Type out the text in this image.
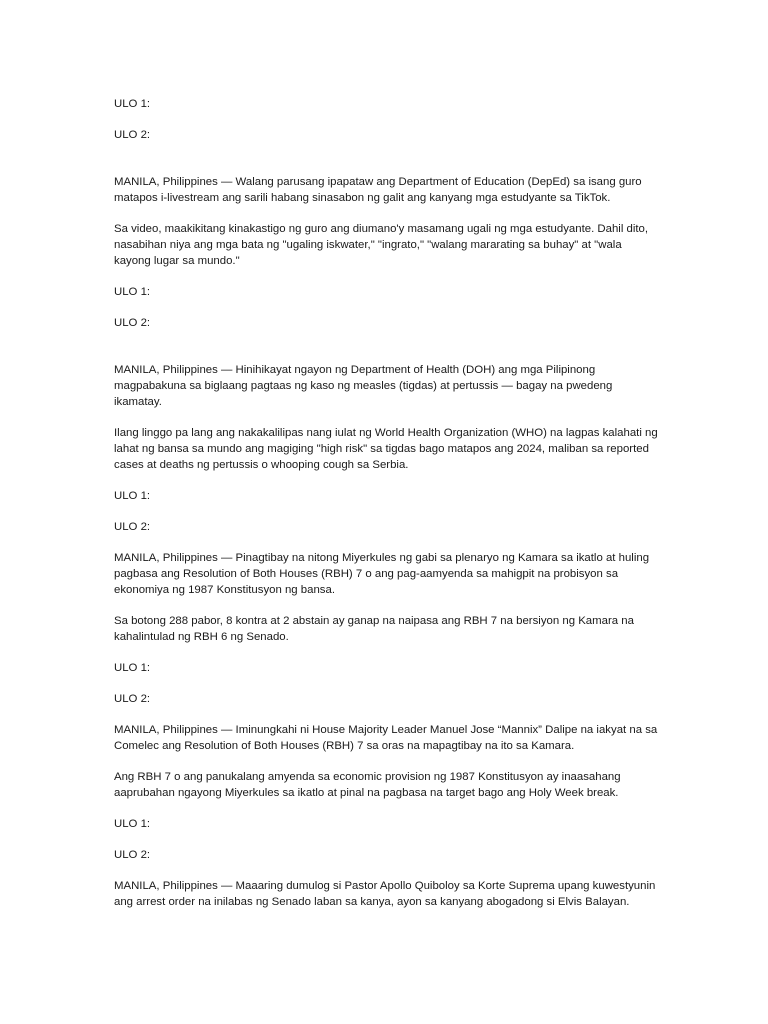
ULO 1:

ULO 2:

MANILA, Philippines — Walang parusang ipapataw ang Department of Education (DepEd) sa isang guro matapos i-livestream ang sarili habang sinasabon ng galit ang kanyang mga estudyante sa TikTok.

Sa video, maakikitang kinakastigo ng guro ang diumano'y masamang ugali ng mga estudyante. Dahil dito, nasabihan niya ang mga bata ng "ugaling iskwater," "ingrato," "walang mararating sa buhay" at "wala kayong lugar sa mundo."

ULO 1:

ULO 2:

MANILA, Philippines — Hinihikayat ngayon ng Department of Health (DOH) ang mga Pilipinong magpabakuna sa biglaang pagtaas ng kaso ng measles (tigdas) at pertussis — bagay na pwedeng ikamatay.

Ilang linggo pa lang ang nakakalilipas nang iulat ng World Health Organization (WHO) na lagpas kalahati ng lahat ng bansa sa mundo ang magiging "high risk" sa tigdas bago matapos ang 2024, maliban sa reported cases at deaths ng pertussis o whooping cough sa Serbia.

ULO 1:

ULO 2:

MANILA, Philippines — Pinagtibay na nitong Miyerkules ng gabi sa plenaryo ng Kamara sa ikatlo at huling pagbasa ang Resolution of Both Houses (RBH) 7 o ang pag-aamyenda sa mahigpit na probisyon sa ekonomiya ng 1987 Konstitusyon ng bansa.

Sa botong 288 pabor, 8 kontra at 2 abstain ay ganap na naipasa ang RBH 7 na bersiyon ng Kamara na kahalintulad ng RBH 6 ng Senado.

ULO 1:

ULO 2:

MANILA, Philippines — Iminungkahi ni House Majority Leader Manuel Jose “Mannix” Dalipe na iakyat na sa Comelec ang Resolution of Both Houses (RBH) 7 sa oras na mapagtibay na ito sa Kamara.

Ang RBH 7 o ang panukalang amyenda sa economic provision ng 1987 Konstitusyon ay inaasahang aaprubahan ngayong Miyerkules sa ikatlo at pinal na pagbasa na target bago ang Holy Week break.

ULO 1:

ULO 2:

MANILA, Philippines — Maaaring dumulog si Pastor Apollo Quiboloy sa Korte Suprema upang kuwestyunin ang arrest order na inilabas ng Senado laban sa kanya, ayon sa kanyang abogadong si Elvis Balayan.
